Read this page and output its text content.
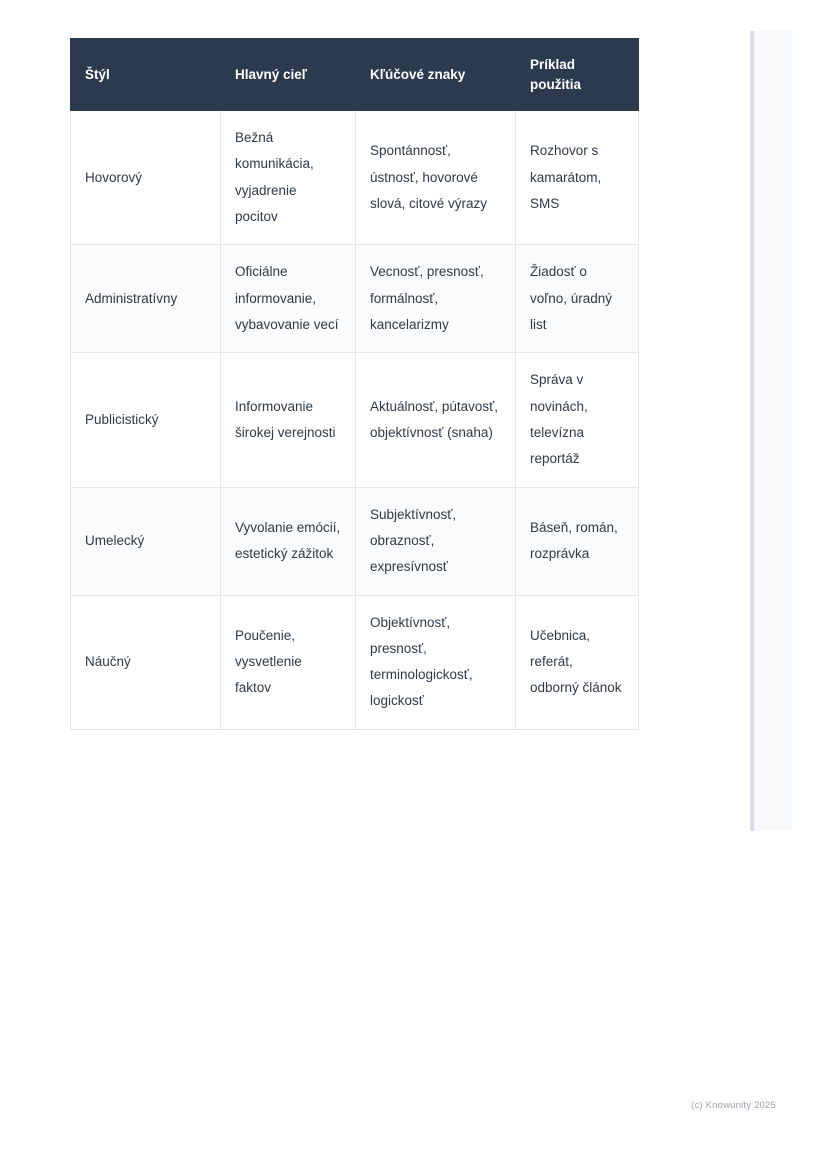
Štýl	Hlavný cieľ	Kľúčové znaky	Príklad použitia
Hovorový	Bežná komunikácia, vyjadrenie pocitov	Spontánnosť, ústnosť, hovorové slová, citové výrazy	Rozhovor s kamarátom, SMS
Administratívny	Oficiálne informovanie, vybavovanie vecí	Vecnosť, presnosť, formálnosť, kancelarizmy	Žiadosť o voľno, úradný list
Publicistický	Informovanie širokej verejnosti	Aktuálnosť, pútavosť, objektívnosť (snaha)	Správa v novinách, televízna reportáž
Umelecký	Vyvolanie emócií, estetický zážitok	Subjektívnosť, obraznosť, expresívnosť	Báseň, román, rozprávka
Náučný	Poučenie, vysvetlenie faktov	Objektívnosť, presnosť, terminologickosť, logickosť	Učebnica, referát, odborný článok
(c) Knowunity 2025
